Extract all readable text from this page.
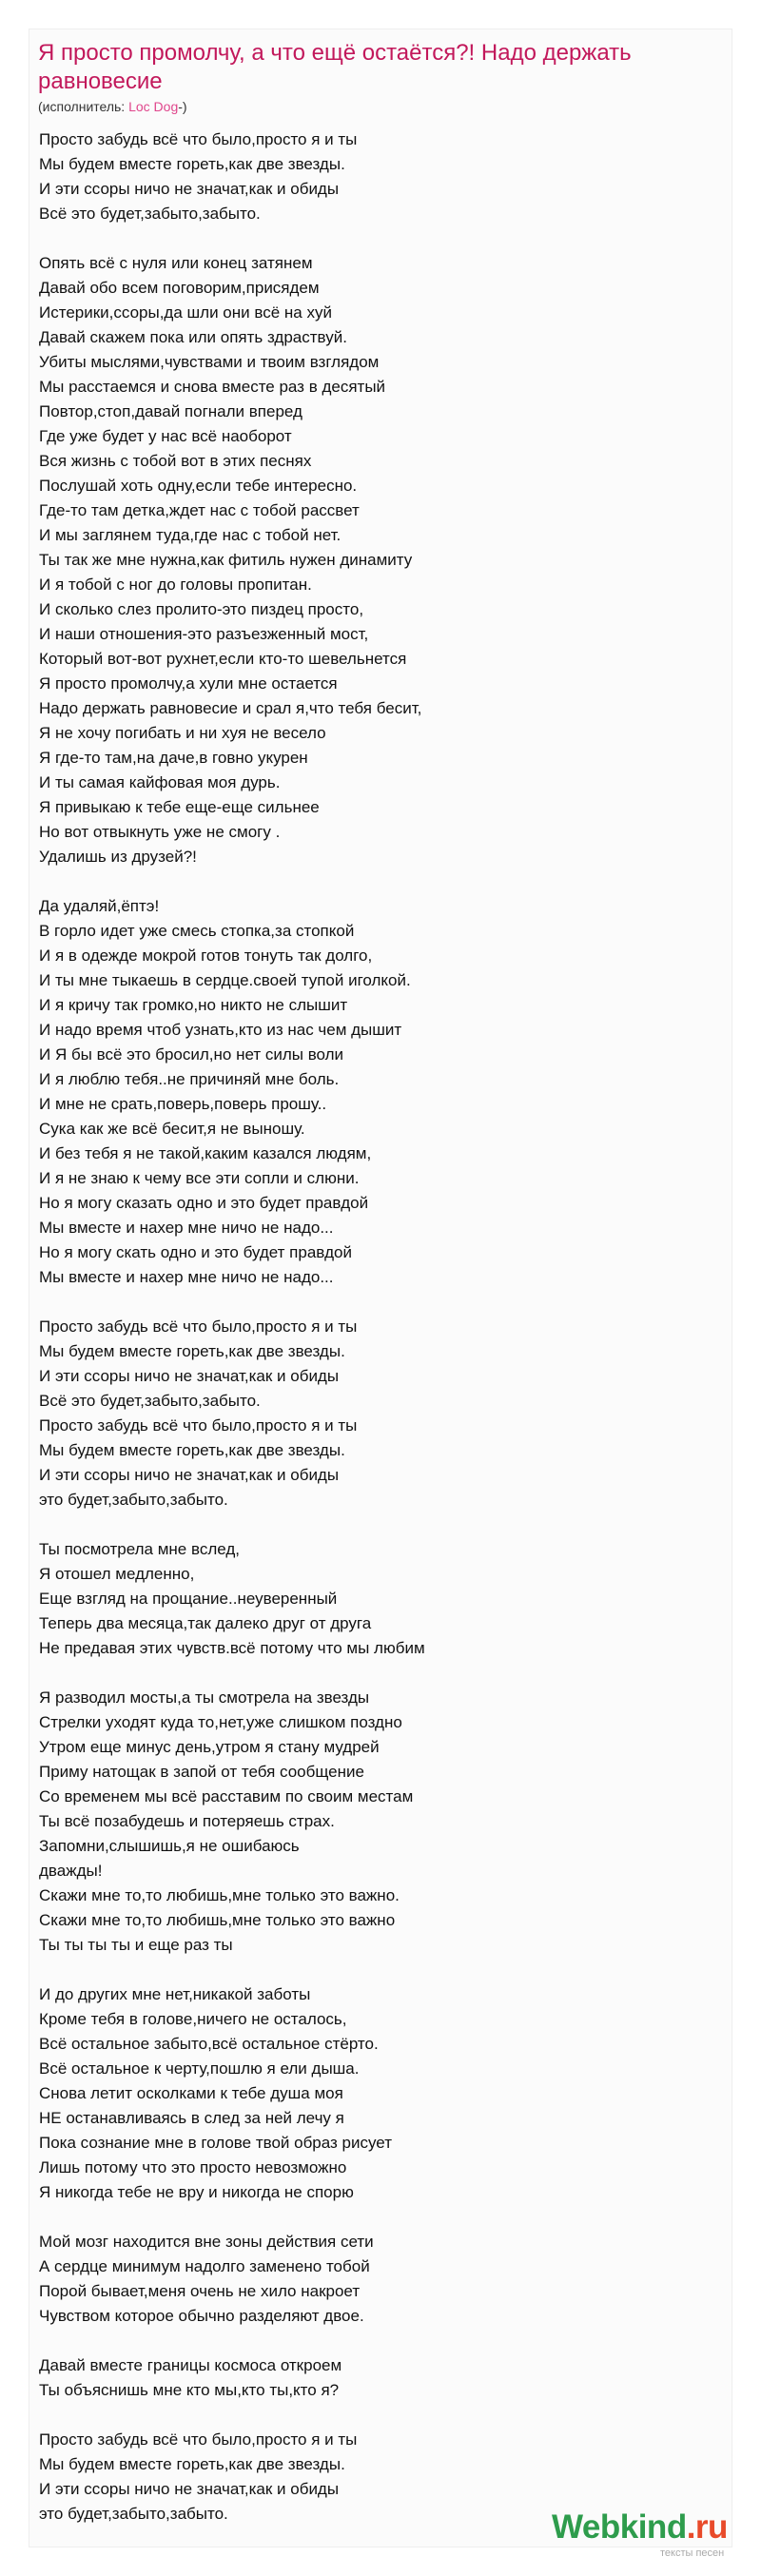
Я просто промолчу, а что ещё остаётся?! Надо держать равновесие
(исполнитель: Loc Dog-)
Просто забудь всё что было,просто я и ты
Мы будем вместе гореть,как две звезды.
И эти ссоры ничо не значат,как и обиды
Всё это будет,забыто,забыто.
Опять всё с нуля или конец затянем
Давай обо всем поговорим,присядем
Истерики,ссоры,да шли они всё на хуй
Давай скажем пока или опять здраствуй.
Убиты мыслями,чувствами и твоим взглядом
Мы расстаемся и снова вместе раз в десятый
Повтор,стоп,давай погнали вперед
Где уже будет у нас всё наоборот
Вся жизнь с тобой вот в этих песнях
Послушай хоть одну,если тебе интересно.
Где-то там детка,ждет нас с тобой рассвет
И мы заглянем туда,где нас с тобой нет.
Ты так же мне нужна,как фитиль нужен динамиту
И я тобой с ног до головы пропитан.
И сколько слез пролито-это пиздец просто,
И наши отношения-это разъезженный мост,
Который вот-вот рухнет,если кто-то шевельнется
Я просто промолчу,а хули мне остается
Надо держать равновесие и срал я,что тебя бесит,
Я не хочу погибать и ни хуя не весело
Я где-то там,на даче,в говно укурен
И ты самая кайфовая моя дурь.
Я привыкаю к тебе еще-еще сильнее
Но вот отвыкнуть уже не смогу .
Удалишь из друзей?!
Да удаляй,ёптэ!
В горло идет уже смесь стопка,за стопкой
И я в одежде мокрой готов тонуть так долго,
И ты мне тыкаешь в сердце.своей тупой иголкой.
И я кричу так громко,но никто не слышит
И надо время чтоб узнать,кто из нас чем дышит
И Я бы всё это бросил,но нет силы воли
И я люблю тебя..не причиняй мне боль.
И мне не срать,поверь,поверь прошу..
Сука как же всё бесит,я не выношу.
И без тебя я не такой,каким казался людям,
И я не знаю к чему все эти сопли и слюни.
Но я могу сказать одно и это будет правдой
Мы вместе и нахер мне ничо не надо...
Но я могу скать одно и это будет правдой
Мы вместе и нахер мне ничо не надо...
Просто забудь всё что было,просто я и ты
Мы будем вместе гореть,как две звезды.
И эти ссоры ничо не значат,как и обиды
Всё это будет,забыто,забыто.
Просто забудь всё что было,просто я и ты
Мы будем вместе гореть,как две звезды.
И эти ссоры ничо не значат,как и обиды
это будет,забыто,забыто.
Ты посмотрела мне вслед,
Я отошел медленно,
Еще взгляд на прощание..неуверенный
Теперь два месяца,так далеко друг от друга
Не предавая этих чувств.всё потому что мы любим
Я разводил мосты,а ты смотрела на звезды
Стрелки уходят куда то,нет,уже слишком поздно
Утром еще минус день,утром я стану мудрей
Приму натощак в запой от тебя сообщение
Со временем мы всё расставим по своим местам
Ты всё позабудешь и потеряешь страх.
Запомни,слышишь,я не ошибаюсь
дважды!
Скажи мне то,то любишь,мне только это важно.
Скажи мне то,то любишь,мне только это важно
Ты ты ты ты и еще раз ты
И до других мне нет,никакой заботы
Кроме тебя в голове,ничего не осталось,
Всё остальное забыто,всё остальное стёрто.
Всё остальное к черту,пошлю я ели дыша.
Снова летит осколками к тебе душа моя
НЕ останавливаясь в след за ней лечу я
Пока сознание мне в голове твой образ рисует
Лишь потому что это просто невозможно
Я никогда тебе не вру и никогда не спорю
Мой мозг находится вне зоны действия сети
А сердце минимум надолго заменено тобой
Порой бывает,меня очень не хило накроет
Чувством которое обычно разделяют двое.
Давай вместе границы космоса откроем
Ты объяснишь мне кто мы,кто ты,кто я?
Просто забудь всё что было,просто я и ты
Мы будем вместе гореть,как две звезды.
И эти ссоры ничо не значат,как и обиды
это будет,забыто,забыто.	Webkind.ru
тексты песен
